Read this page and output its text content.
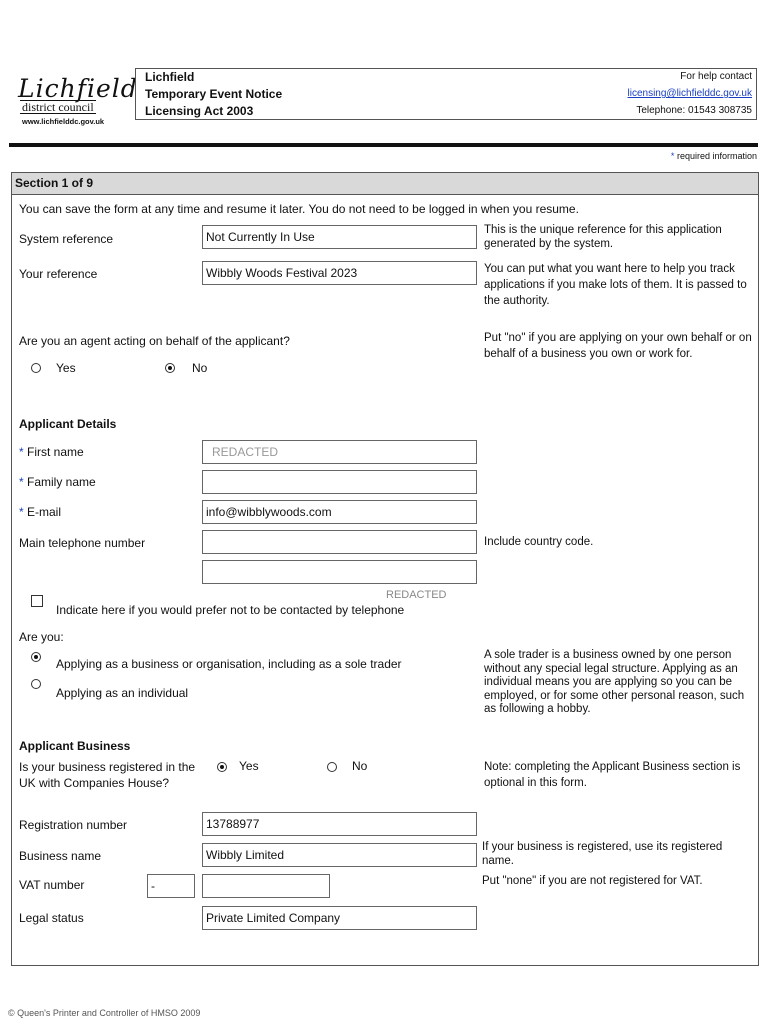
Lichfield
district council
www.lichfielddc.gov.uk
Lichfield
Temporary Event Notice
Licensing Act 2003
For help contact
licensing@lichfielddc.gov.uk
Telephone: 01543 308735
* required information
Section 1 of 9
You can save the form at any time and resume it later. You do not need to be logged in when you resume.
System reference	Not Currently In Use	This is the unique reference for this application generated by the system.
Your reference	Wibbly Woods Festival 2023	You can put what you want here to help you track applications if you make lots of them. It is passed to the authority.
Are you an agent acting on behalf of the applicant?
Yes	No
Put "no" if you are applying on your own behalf or on behalf of a business you own or work for.
Applicant Details
* First name	REDACTED
* Family name
* E-mail	info@wibblywoods.com
Main telephone number	Include country code.
REDACTED
Indicate here if you would prefer not to be contacted by telephone
Are you:
Applying as a business or organisation, including as a sole trader
Applying as an individual
A sole trader is a business owned by one person without any special legal structure. Applying as an individual means you are applying so you can be employed, or for some other personal reason, such as following a hobby.
Applicant Business
Is your business registered in the UK with Companies House?
Yes	No	Note: completing the Applicant Business section is optional in this form.
Registration number	13788977
Business name	Wibbly Limited
If your business is registered, use its registered name.
VAT number	-	Put "none" if you are not registered for VAT.
Legal status	Private Limited Company
© Queen's Printer and Controller of HMSO 2009
